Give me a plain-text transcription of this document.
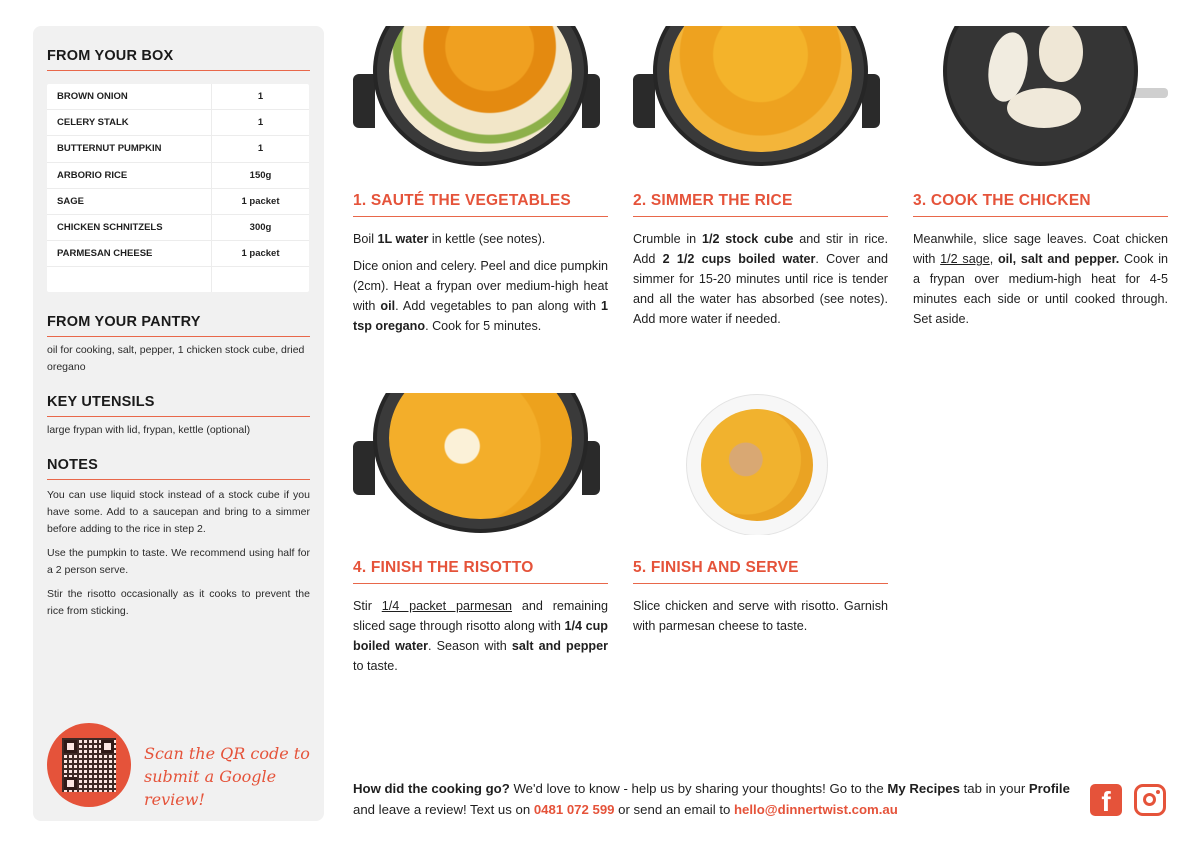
FROM YOUR BOX
BROWN ONION	1
CELERY STALK	1
BUTTERNUT PUMPKIN	1
ARBORIO RICE	150g
SAGE	1 packet
CHICKEN SCHNITZELS	300g
PARMESAN CHEESE	1 packet
FROM YOUR PANTRY
oil for cooking, salt, pepper, 1 chicken stock cube, dried oregano
KEY UTENSILS
large frypan with lid, frypan, kettle (optional)
NOTES
You can use liquid stock instead of a stock cube if you have some. Add to a saucepan and bring to a simmer before adding to the rice in step 2.
Use the pumpkin to taste. We recommend using half for a 2 person serve.
Stir the risotto occasionally as it cooks to prevent the rice from sticking.
Scan the QR code to submit a Google review!
1. SAUTÉ THE VEGETABLES

Boil 1L water in kettle (see notes).

Dice onion and celery. Peel and dice pumpkin (2cm). Heat a frypan over medium-high heat with oil. Add vegetables to pan along with 1 tsp oregano. Cook for 5 minutes.

2. SIMMER THE RICE

Crumble in 1/2 stock cube and stir in rice. Add 2 1/2 cups boiled water. Cover and simmer for 15-20 minutes until rice is tender and all the water has absorbed (see notes). Add more water if needed.

3. COOK THE CHICKEN

Meanwhile, slice sage leaves. Coat chicken with 1/2 sage, oil, salt and pepper. Cook in a frypan over medium-high heat for 4-5 minutes each side or until cooked through. Set aside.

4. FINISH THE RISOTTO

Stir 1/4 packet parmesan and remaining sliced sage through risotto along with 1/4 cup boiled water. Season with salt and pepper to taste.

5. FINISH AND SERVE

Slice chicken and serve with risotto. Garnish with parmesan cheese to taste.

How did the cooking go? We'd love to know - help us by sharing your thoughts! Go to the My Recipes tab in your Profile and leave a review! Text us on 0481 072 599 or send an email to hello@dinnertwist.com.au	f
